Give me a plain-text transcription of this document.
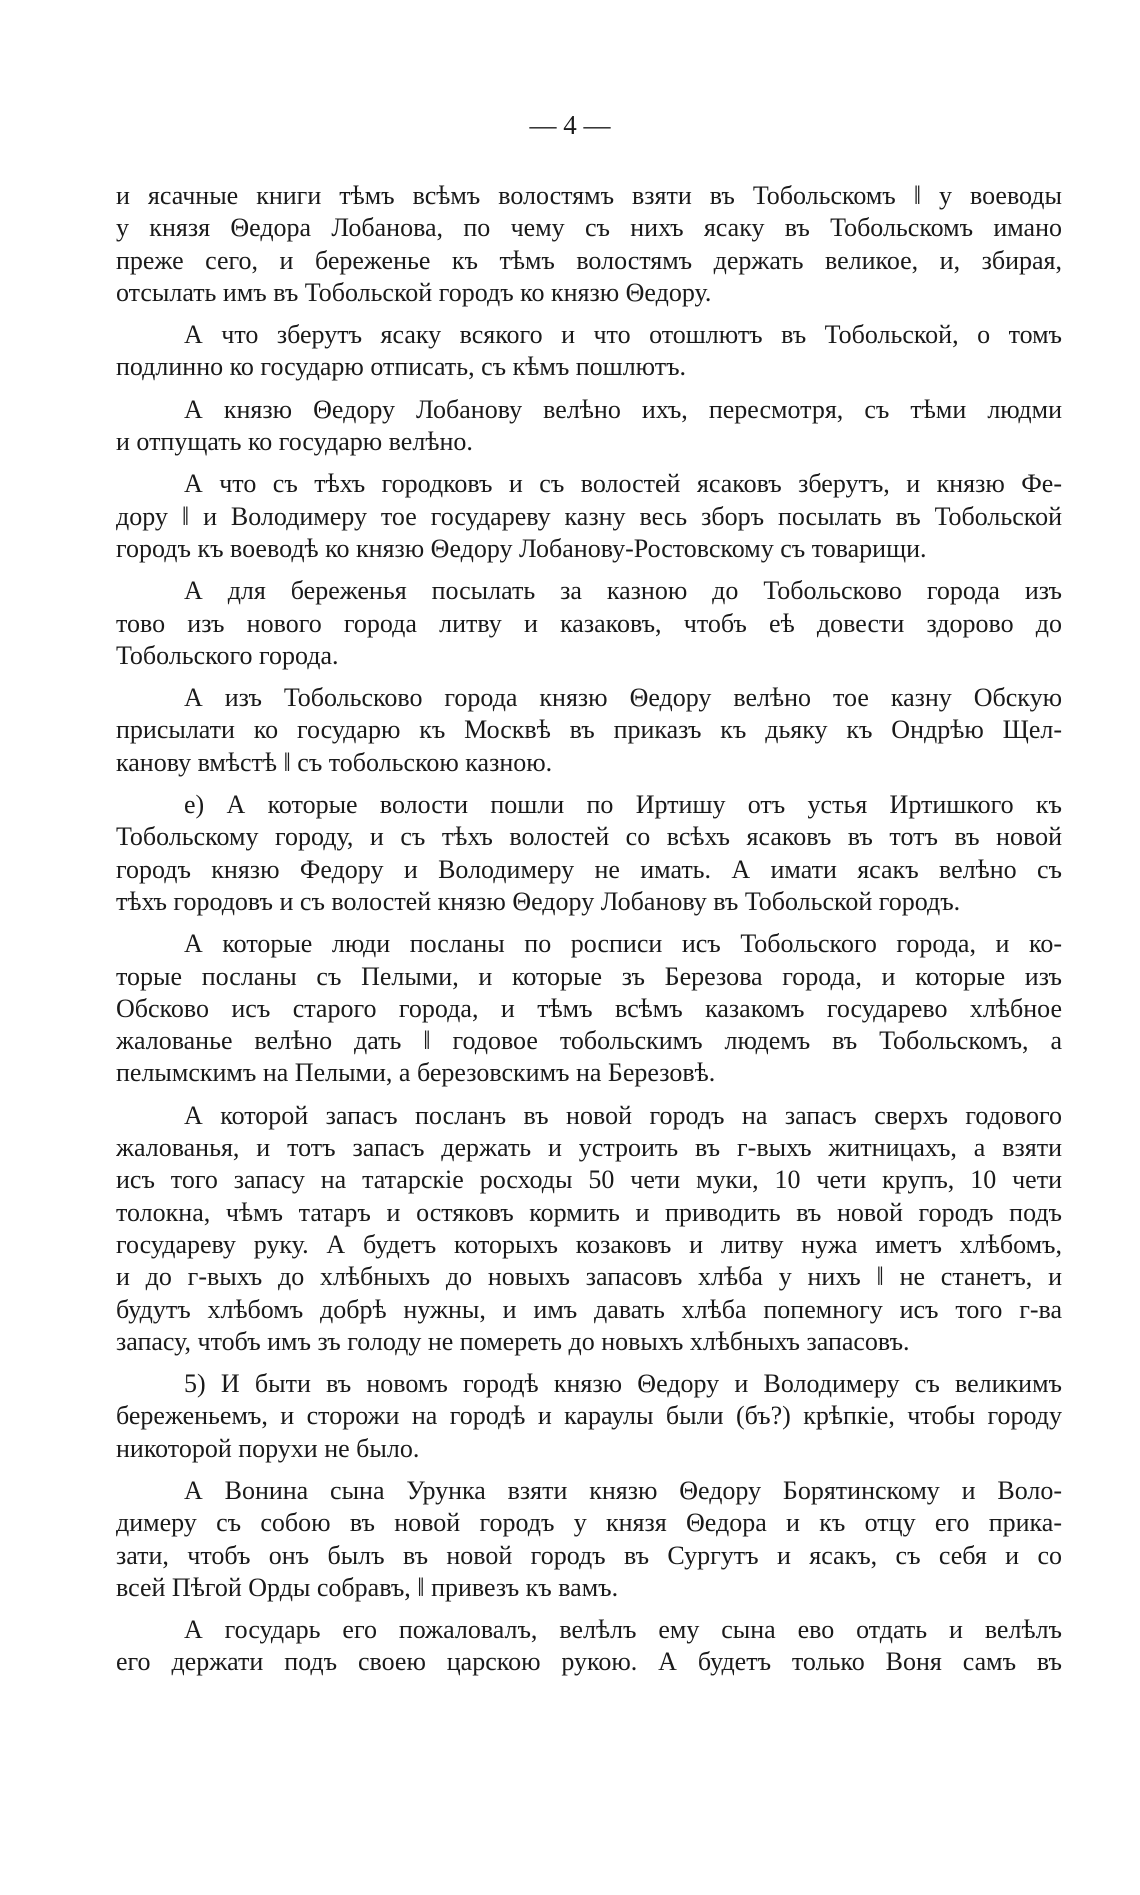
— 4 —
и ясачные книги тѣмъ всѣмъ волостямъ взяти въ Тобольскомъ ‖ у воеводы
у князя Θедора Лобанова, по чему съ нихъ ясаку въ Тобольскомъ имано
преже сего, и береженье къ тѣмъ волостямъ держать великое, и, збирая,
отсылать имъ въ Тобольской городъ ко князю Θедору.
А что зберутъ ясаку всякого и что отошлютъ въ Тобольской, о томъ
подлинно ко государю отписать, съ кѣмъ пошлютъ.
А князю Θедору Лобанову велѣно ихъ, пересмотря, съ тѣми людми
и отпущать ко государю велѣно.
А что съ тѣхъ городковъ и съ волостей ясаковъ зберутъ, и князю Фе-
дору ‖ и Володимеру тое государеву казну весь зборъ посылать въ Тобольской
городъ къ воеводѣ ко князю Θедору Лобанову-Ростовскому съ товарищи.
А для береженья посылать за казною до Тобольсково города изъ
тово изъ нового города литву и казаковъ, чтобъ еѣ довести здорово до
Тобольского города.
А изъ Тобольсково города князю Θедору велѣно тое казну Обскую
присылати ко государю къ Москвѣ въ приказъ къ дьяку къ Ондрѣю Щел-
канову вмѣстѣ ‖ съ тобольскою казною.
е) А которые волости пошли по Иртишу отъ устья Иртишкого къ
Тобольскому городу, и съ тѣхъ волостей со всѣхъ ясаковъ въ тотъ въ новой
городъ князю Федору и Володимеру не имать. А имати ясакъ велѣно съ
тѣхъ городовъ и съ волостей князю Θедору Лобанову въ Тобольской городъ.
А которые люди посланы по росписи исъ Тобольского города, и ко-
торые посланы съ Пелыми, и которые зъ Березова города, и которые изъ
Обсково исъ старого города, и тѣмъ всѣмъ казакомъ государево хлѣбное
жалованье велѣно дать ‖ годовое тобольскимъ людемъ въ Тобольскомъ, а
пелымскимъ на Пелыми, а березовскимъ на Березовѣ.
А которой запасъ посланъ въ новой городъ на запасъ сверхъ годового
жалованья, и тотъ запасъ держать и устроить въ г-выхъ житницахъ, а взяти
исъ того запасу на татарскіе росходы 50 чети муки, 10 чети крупъ, 10 чети
толокна, чѣмъ татаръ и остяковъ кормить и приводить въ новой городъ подъ
государеву руку. А будетъ которыхъ козаковъ и литву нужа иметъ хлѣбомъ,
и до г-выхъ до хлѣбныхъ до новыхъ запасовъ хлѣба у нихъ ‖ не станетъ, и
будутъ хлѣбомъ добрѣ нужны, и имъ давать хлѣба попемногу исъ того г-ва
запасу, чтобъ имъ зъ голоду не помереть до новыхъ хлѣбныхъ запасовъ.
5) И быти въ новомъ городѣ князю Θедору и Володимеру съ великимъ
береженьемъ, и сторожи на городѣ и караулы были (бъ?) крѣпкіе, чтобы городу
никоторой порухи не было.
А Вонина сына Урунка взяти князю Θедору Борятинскому и Воло-
димеру съ собою въ новой городъ у князя Θедора и къ отцу его прика-
зати, чтобъ онъ былъ въ новой городъ въ Сургутъ и ясакъ, съ себя и со
всей Пѣгой Орды собравъ, ‖ привезъ къ вамъ.
А государь его пожаловалъ, велѣлъ ему сына ево отдать и велѣлъ
его держати подъ своею царскою рукою. А будетъ только Воня самъ въ
